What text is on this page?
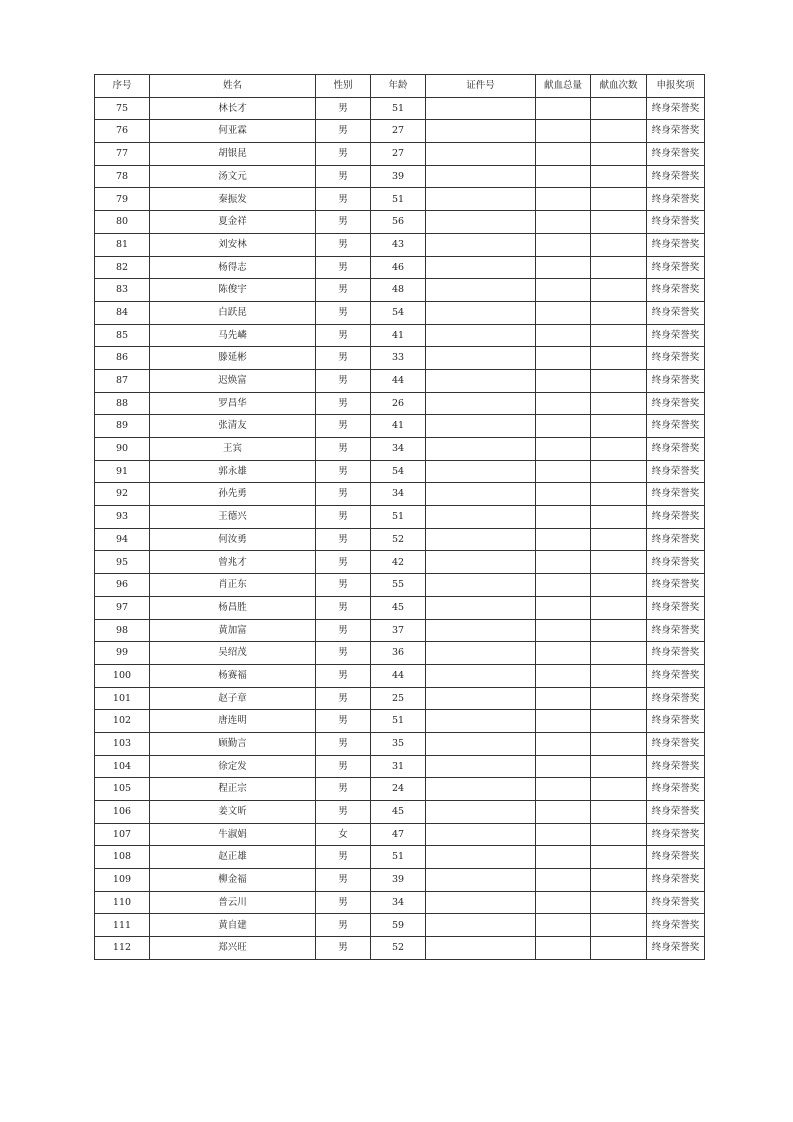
序号	姓名	性别	年龄	证件号	献血总量	献血次数	申报奖项
75	林长才	男	51				终身荣誉奖
76	何亚霖	男	27				终身荣誉奖
77	胡银昆	男	27				终身荣誉奖
78	汤文元	男	39				终身荣誉奖
79	秦振发	男	51				终身荣誉奖
80	夏金祥	男	56				终身荣誉奖
81	刘安林	男	43				终身荣誉奖
82	杨得志	男	46				终身荣誉奖
83	陈俊宇	男	48				终身荣誉奖
84	白跃昆	男	54				终身荣誉奖
85	马先嶙	男	41				终身荣誉奖
86	滕延彬	男	33				终身荣誉奖
87	迟焕富	男	44				终身荣誉奖
88	罗昌华	男	26				终身荣誉奖
89	张清友	男	41				终身荣誉奖
90	王宾	男	34				终身荣誉奖
91	郭永雄	男	54				终身荣誉奖
92	孙先勇	男	34				终身荣誉奖
93	王德兴	男	51				终身荣誉奖
94	何汝勇	男	52				终身荣誉奖
95	曾兆才	男	42				终身荣誉奖
96	肖正东	男	55				终身荣誉奖
97	杨昌胜	男	45				终身荣誉奖
98	黄加富	男	37				终身荣誉奖
99	吴绍茂	男	36				终身荣誉奖
100	杨赛福	男	44				终身荣誉奖
101	赵子章	男	25				终身荣誉奖
102	唐连明	男	51				终身荣誉奖
103	顾勤言	男	35				终身荣誉奖
104	徐定发	男	31				终身荣誉奖
105	程正宗	男	24				终身荣誉奖
106	姜文昕	男	45				终身荣誉奖
107	牛淑娟	女	47				终身荣誉奖
108	赵正雄	男	51				终身荣誉奖
109	柳金福	男	39				终身荣誉奖
110	普云川	男	34				终身荣誉奖
111	黄自建	男	59				终身荣誉奖
112	郑兴旺	男	52				终身荣誉奖
